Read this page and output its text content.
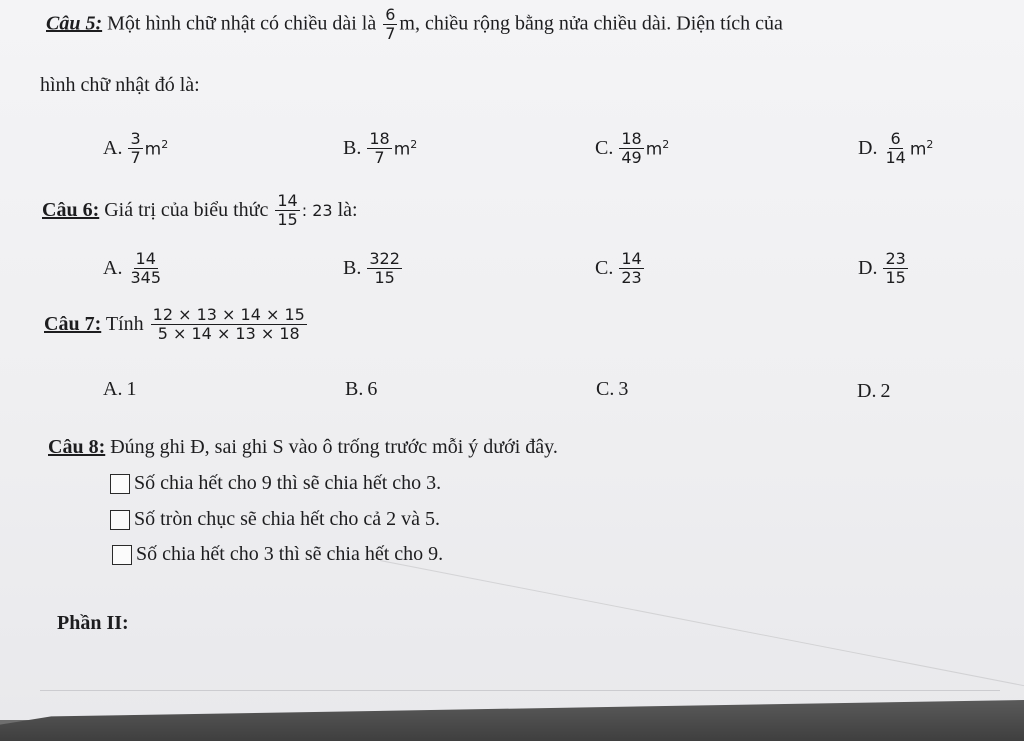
Câu 5: Một hình chữ nhật có chiều dài là $\frac{6}{7} m$, chiều rộng bằng nửa chiều dài. Diện tích của
hình chữ nhật đó là:
A. $\frac{3}{7} m^2$	B. $\frac{18}{7} m^2$	C. $\frac{18}{49} m^2$	D. $\frac{6}{14} m^2$
Câu 6: Giá trị của biểu thức $\frac{14}{15}$ : 23 là:
A. $\frac{14}{345}$	B. $\frac{322}{15}$	C. $\frac{14}{23}$	D. $\frac{23}{15}$
Câu 7: Tính $\frac{12 \times 13 \times 14 \times 15}{5 \times 14 \times 13 \times 18}$
A. 1	B. 6	C. 3	D. 2
Câu 8: Đúng ghi Đ, sai ghi S vào ô trống trước mỗi ý dưới đây.
Số chia hết cho 9 thì sẽ chia hết cho 3.
Số tròn chục sẽ chia hết cho cả 2 và 5.
Số chia hết cho 3 thì sẽ chia hết cho 9.
Phần II:
